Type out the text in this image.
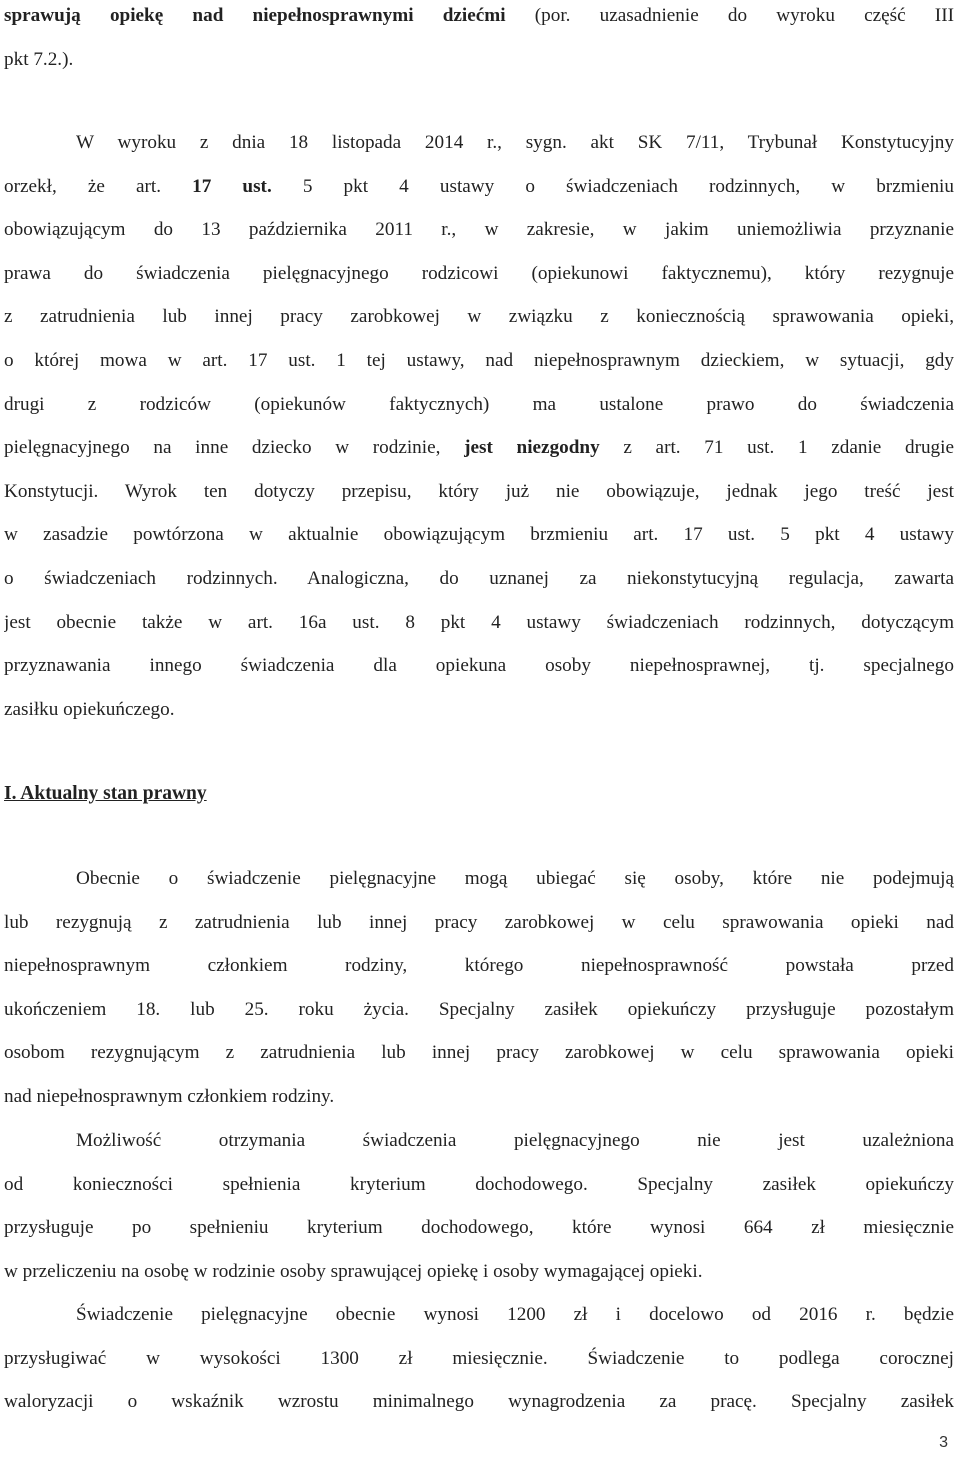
sprawują opiekę nad niepełnosprawnymi dziećmi (por. uzasadnienie do wyroku część III
pkt 7.2.).
W wyroku z dnia 18 listopada 2014 r., sygn. akt SK 7/11, Trybunał Konstytucyjny
orzekł, że art. 17 ust. 5 pkt 4 ustawy o świadczeniach rodzinnych, w brzmieniu
obowiązującym do 13 października 2011 r., w zakresie, w jakim uniemożliwia przyznanie
prawa do świadczenia pielęgnacyjnego rodzicowi (opiekunowi faktycznemu), który rezygnuje
z zatrudnienia lub innej pracy zarobkowej w związku z koniecznością sprawowania opieki,
o której mowa w art. 17 ust. 1 tej ustawy, nad niepełnosprawnym dzieckiem, w sytuacji, gdy
drugi z rodziców (opiekunów faktycznych) ma ustalone prawo do świadczenia
pielęgnacyjnego na inne dziecko w rodzinie, jest niezgodny z art. 71 ust. 1 zdanie drugie
Konstytucji. Wyrok ten dotyczy przepisu, który już nie obowiązuje, jednak jego treść jest
w zasadzie powtórzona w aktualnie obowiązującym brzmieniu art. 17 ust. 5 pkt 4 ustawy
o świadczeniach rodzinnych. Analogiczna, do uznanej za niekonstytucyjną regulacja, zawarta
jest obecnie także w art. 16a ust. 8 pkt 4 ustawy świadczeniach rodzinnych, dotyczącym
przyznawania innego świadczenia dla opiekuna osoby niepełnosprawnej, tj. specjalnego
zasiłku opiekuńczego.
I. Aktualny stan prawny
Obecnie o świadczenie pielęgnacyjne mogą ubiegać się osoby, które nie podejmują
lub rezygnują z zatrudnienia lub innej pracy zarobkowej w celu sprawowania opieki nad
niepełnosprawnym członkiem rodziny, którego niepełnosprawność powstała przed
ukończeniem 18. lub 25. roku życia. Specjalny zasiłek opiekuńczy przysługuje pozostałym
osobom rezygnującym z zatrudnienia lub innej pracy zarobkowej w celu sprawowania opieki
nad niepełnosprawnym członkiem rodziny.
Możliwość otrzymania świadczenia pielęgnacyjnego nie jest uzależniona
od konieczności spełnienia kryterium dochodowego. Specjalny zasiłek opiekuńczy
przysługuje po spełnieniu kryterium dochodowego, które wynosi 664 zł miesięcznie
w przeliczeniu na osobę w rodzinie osoby sprawującej opiekę i osoby wymagającej opieki.
Świadczenie pielęgnacyjne obecnie wynosi 1200 zł i docelowo od 2016 r. będzie
przysługiwać w wysokości 1300 zł miesięcznie. Świadczenie to podlega corocznej
waloryzacji o wskaźnik wzrostu minimalnego wynagrodzenia za pracę. Specjalny zasiłek
3
